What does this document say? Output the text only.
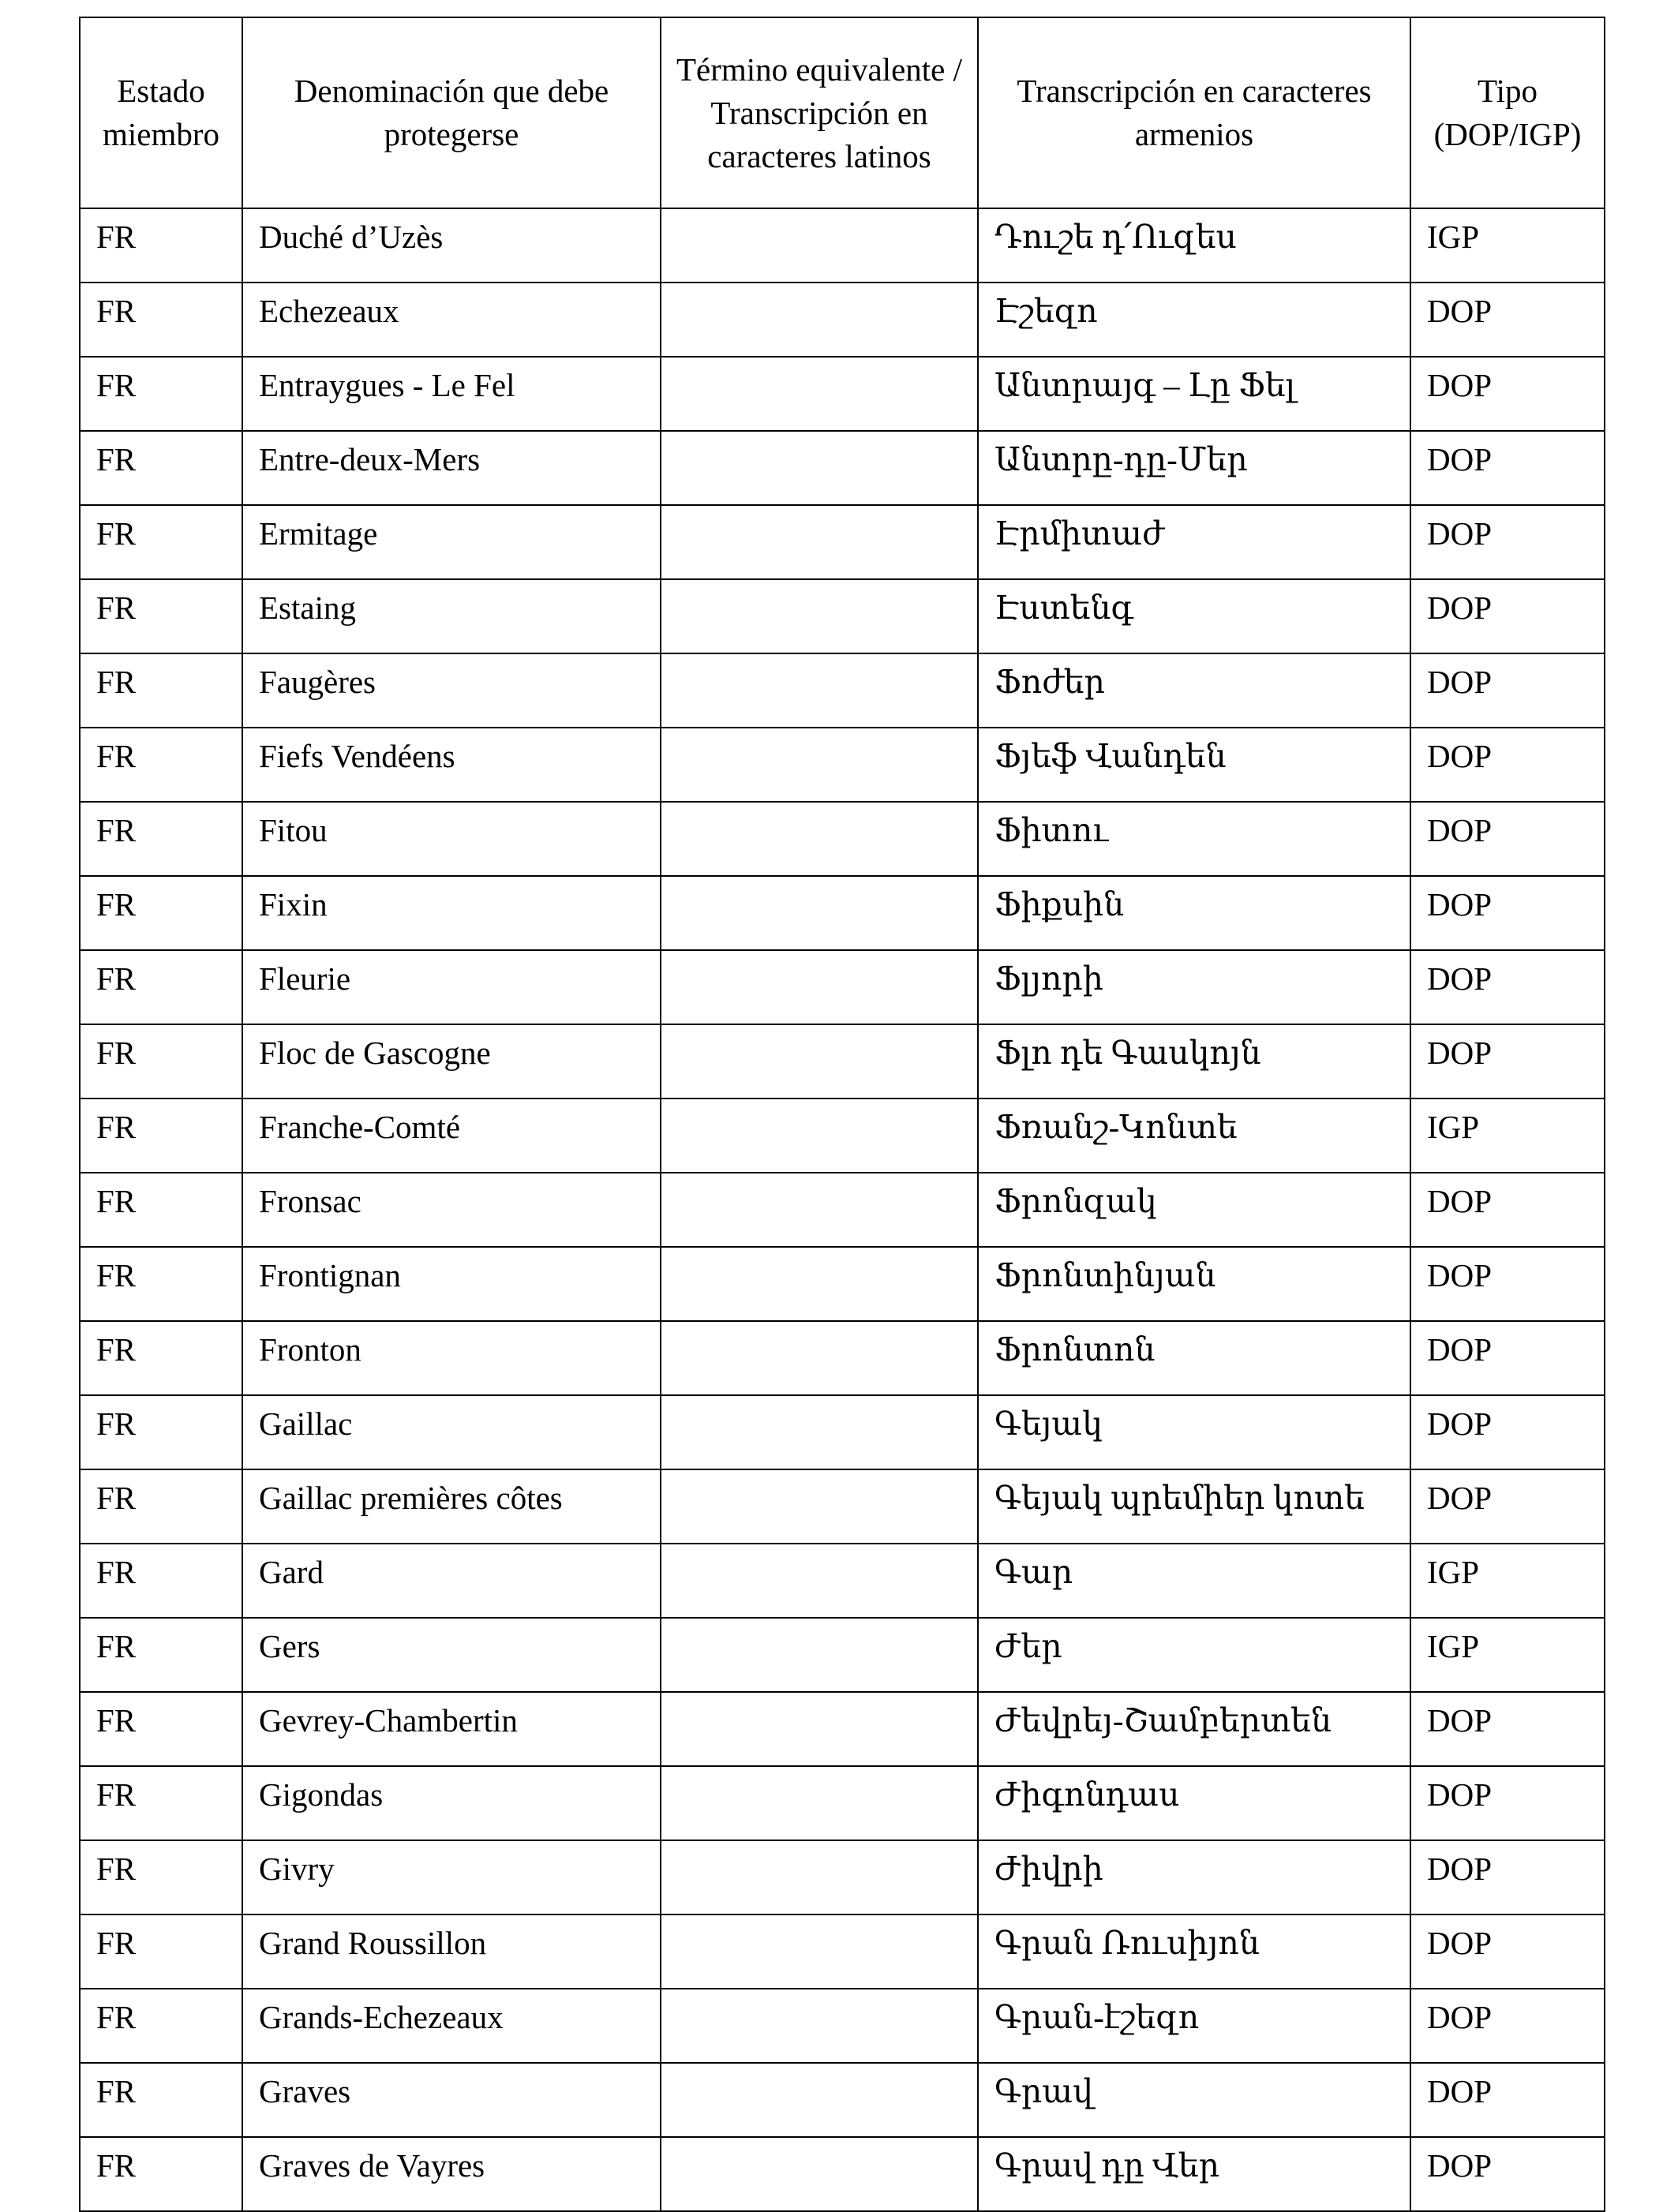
Estado miembro	Denominación que debe protegerse	Término equivalente / Transcripción en caracteres latinos	Transcripción en caracteres armenios	Tipo (DOP/IGP)
FR	Duché d’Uzès		Դուշե դ՛Ուզես	IGP
FR	Echezeaux		Էշեզո	DOP
FR	Entraygues - Le Fel		Անտրայգ – Լը Ֆել	DOP
FR	Entre-deux-Mers		Անտրը-դը-Մեր	DOP
FR	Ermitage		Էրմիտաժ	DOP
FR	Estaing		Էստենգ	DOP
FR	Faugères		Ֆոժեր	DOP
FR	Fiefs Vendéens		Ֆյեֆ Վանդեն	DOP
FR	Fitou		Ֆիտու	DOP
FR	Fixin		Ֆիքսին	DOP
FR	Fleurie		Ֆլյորի	DOP
FR	Floc de Gascogne		Ֆլո դե Գասկոյն	DOP
FR	Franche-Comté		Ֆռանշ-Կոնտե	IGP
FR	Fronsac		Ֆրոնզակ	DOP
FR	Frontignan		Ֆրոնտինյան	DOP
FR	Fronton		Ֆրոնտոն	DOP
FR	Gaillac		Գեյակ	DOP
FR	Gaillac premières côtes		Գեյակ պրեմիեր կոտե	DOP
FR	Gard		Գար	IGP
FR	Gers		Ժեր	IGP
FR	Gevrey-Chambertin		Ժեվրեյ-Շամբերտեն	DOP
FR	Gigondas		Ժիգոնդաս	DOP
FR	Givry		Ժիվրի	DOP
FR	Grand Roussillon		Գրան Ռուսիյոն	DOP
FR	Grands-Echezeaux		Գրան-էշեզո	DOP
FR	Graves		Գրավ	DOP
FR	Graves de Vayres		Գրավ դը Վեր	DOP
